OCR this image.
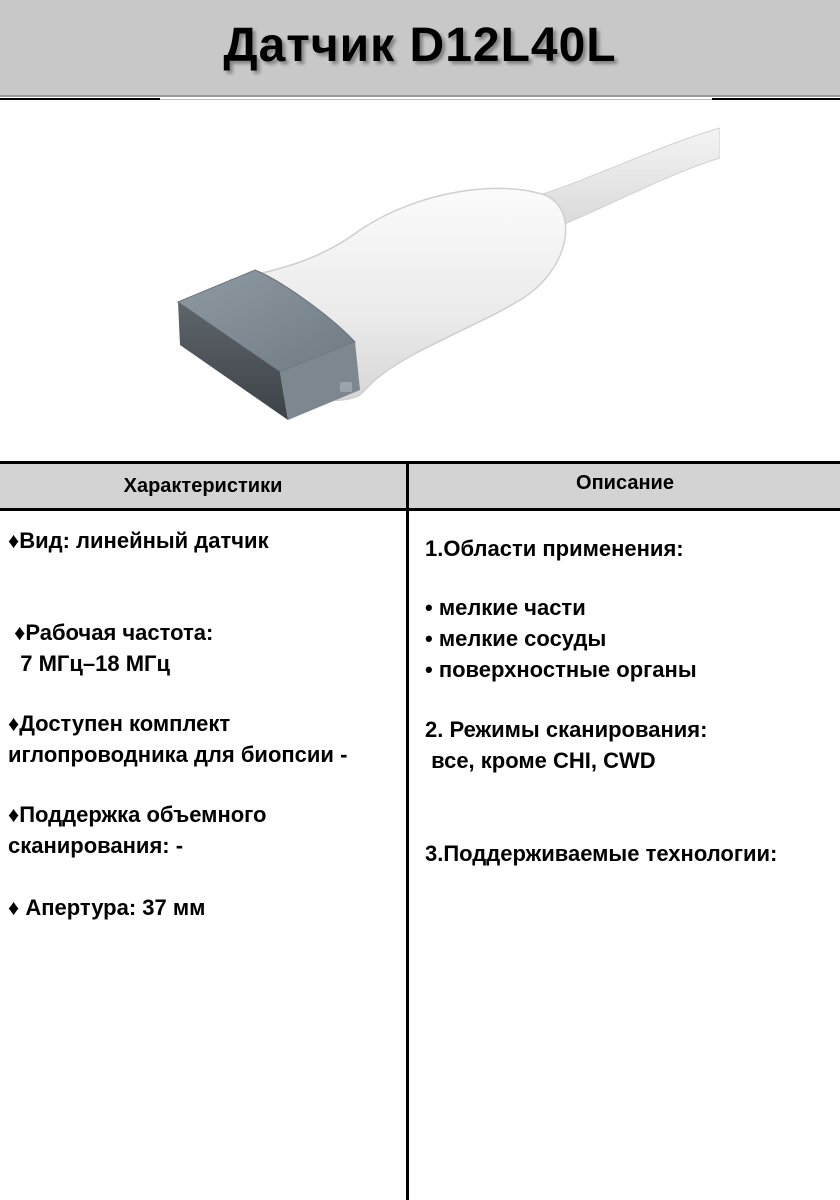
Датчик D12L40L
Характеристики	Описание
♦Вид: линейный датчик
♦Рабочая частота:
7 МГц–18 МГц
♦Доступен комплект
иглопроводника для биопсии -
♦Поддержка объемного
сканирования: -
♦ Апертура: 37 мм
1.Области применения:
• мелкие части
• мелкие сосуды
• поверхностные органы
2. Режимы сканирования:
все, кроме CHI, CWD
3.Поддерживаемые технологии:
